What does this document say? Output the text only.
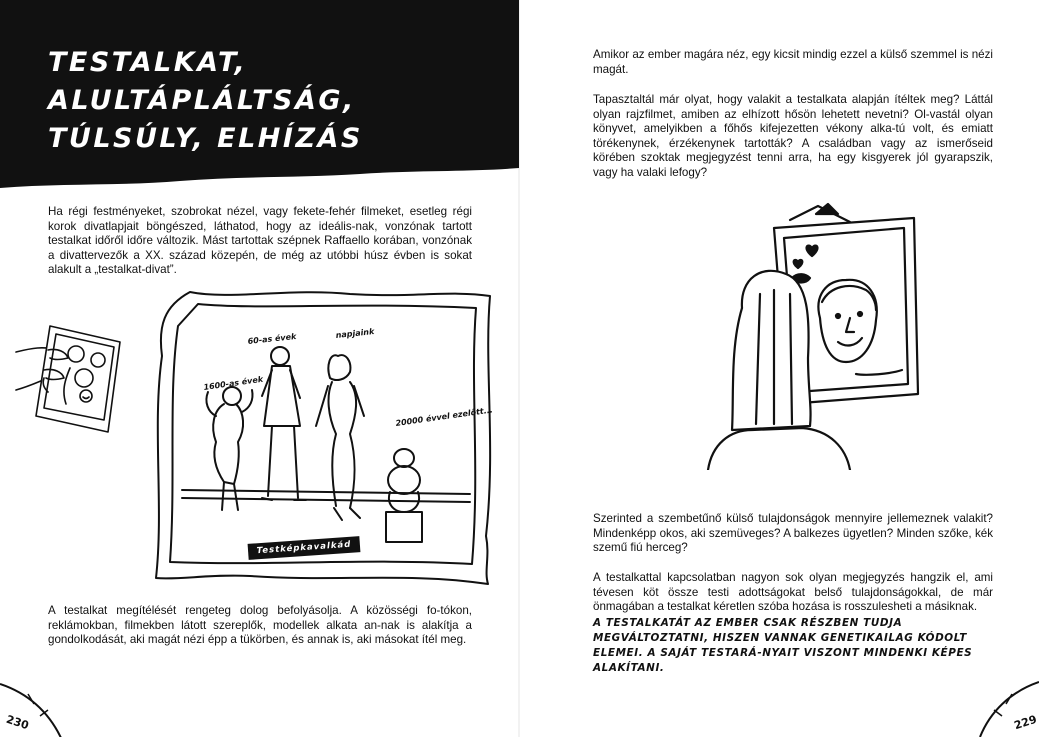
TESTALKAT, ALULTÁPLÁLTSÁG, TÚLSÚLY, ELHÍZÁS

Ha régi festményeket, szobrokat nézel, vagy fekete-fehér filmeket, esetleg régi korok divatlapjait böngészed, láthatod, hogy az ideális-nak, vonzónak tartott testalkat időről időre változik. Mást tartottak szépnek Raffaello korában, vonzónak a divattervezők a XX. század közepén, de még az utóbbi húsz évben is sokat alakult a „testalkat-divat”.

1600-as évek
60-as évek	napjaink
20000 évvel ezelőtt...
Testképkavalkád

A testalkat megítélését rengeteg dolog befolyásolja. A közösségi fo-tókon, reklámokban, filmekben látott szereplők, modellek alkata an-nak is alakítja a gondolkodását, aki magát nézi épp a tükörben, és annak is, aki másokat ítél meg.

230

Amikor az ember magára néz, egy kicsit mindig ezzel a külső szemmel is nézi magát.

Tapasztaltál már olyat, hogy valakit a testalkata alapján ítéltek meg? Láttál olyan rajzfilmet, amiben az elhízott hősön lehetett nevetni? Ol-vastál olyan könyvet, amelyikben a főhős kifejezetten vékony alka-tú volt, és emiatt törékenynek, érzékenynek tartották? A családban vagy az ismerőseid körében szoktak megjegyzést tenni arra, ha egy kisgyerek jól gyarapszik, vagy ha valaki lefogy?

Szerinted a szembetűnő külső tulajdonságok mennyire jellemeznek valakit? Mindenképp okos, aki szemüveges? A balkezes ügyetlen? Minden szőke, kék szemű fiú herceg?

A testalkattal kapcsolatban nagyon sok olyan megjegyzés hangzik el, ami tévesen köt össze testi adottságokat belső tulajdonságokkal, de már önmagában a testalkat kéretlen szóba hozása is rosszulesheti a másiknak.

A TESTALKATÁT AZ EMBER CSAK RÉSZBEN TUDJA MEGVÁLTOZTATNI, HISZEN VANNAK GENETIKAILAG KÓDOLT ELEMEI. A SAJÁT TESTARÁ-NYAIT VISZONT MINDENKI KÉPES ALAKÍTANI.

229
